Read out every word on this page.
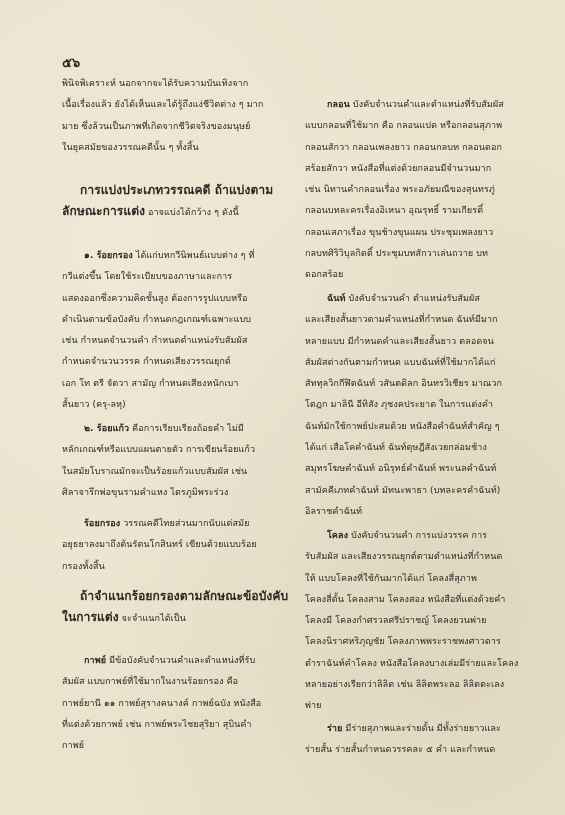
๕๖
พินิจพิเคราะห์ นอกจากจะได้รับความบันเทิงจาก
เนื้อเรื่องแล้ว ยังได้เห็นและได้รู้ถึงแง่ชีวิตต่าง ๆ มาก
มาย ซึ่งล้วนเป็นภาพที่เกิดจากชีวิตจริงของมนุษย์
ในยุคสมัยของวรรณคดีนั้น ๆ ทั้งสิ้น
การแบ่งประเภทวรรณคดี ถ้าแบ่งตาม
ลักษณะการแต่ง อาจแบ่งได้กว้าง ๆ ดังนี้
๑. ร้อยกรอง ได้แก่บทกวีนิพนธ์แบบต่าง ๆ ที่
กวีแต่งขึ้น โดยใช้ระเบียบของภาษาและการ
แสดงออกซึ่งความคิดชั้นสูง ต้องการรูปแบบหรือ
ดำเนินตามข้อบังคับ กำหนดกฎเกณฑ์เฉพาะแบบ
เช่น กำหนดจำนวนคำ กำหนดตำแหน่งรับสัมผัส
กำหนดจำนวนวรรค กำหนดเสียงวรรณยุกต์
เอก โท ตรี จัตวา สามัญ กำหนดเสียงหนักเบา
สั้นยาว (ครุ-ลหุ)
๒. ร้อยแก้ว คือการเรียบเรียงถ้อยคำ ไม่มี
หลักเกณฑ์หรือแบบแผนตายตัว การเขียนร้อยแก้ว
ในสมัยโบราณมักจะเป็นร้อยแก้วแบบสัมผัส เช่น
ศิลาจารึกพ่อขุนรามคำแหง ไตรภูมิพระร่วง
ร้อยกรอง วรรณคดีไทยส่วนมากนับแต่สมัย
อยุธยาลงมาถึงต้นรัตนโกสินทร์ เขียนด้วยแบบร้อย
กรองทั้งสิ้น
ถ้าจำแนกร้อยกรองตามลักษณะข้อบังคับ
ในการแต่ง จะจำแนกได้เป็น
กาพย์ มีข้อบังคับจำนวนคำและตำแหน่งที่รับ
สัมผัส แบบกาพย์ที่ใช้มากในงานร้อยกรอง คือ
กาพย์ยานี ๑๑ กาพย์สุรางคนางค์ กาพย์ฉบัง หนังสือ
ที่แต่งด้วยกาพย์ เช่น กาพย์พระไชยสุริยา สุบินคำ
กาพย์
กลอน บังคับจำนวนคำและตำแหน่งที่รับสัมผัส
แบบกลอนที่ใช้มาก คือ กลอนแปด หรือกลอนสุภาพ
กลอนสักวา กลอนเพลงยาว กลอนกลบท กลอนดอก
สร้อยสักวา หนังสือที่แต่งด้วยกลอนมีจำนวนมาก
เช่น นิทานคำกลอนเรื่อง พระอภัยมณีของสุนทรภู่
กลอนบทละครเรื่องอิเหนา อุณรุทธิ์ รามเกียรติ์
กลอนเสภาเรื่อง ขุนช้างขุนแผน ประชุมเพลงยาว
กลบทศิริวิบุลกิตติ์ ประชุมบทสักวาเล่นถวาย บท
ดอกสร้อย
ฉันท์ บังคับจำนวนคำ ตำแหน่งรับสัมผัส
และเสียงสั้นยาวตามคำแหน่งที่กำหนด ฉันท์มีมาก
หลายแบบ มีกำหนดคำและเสียงสั้นยาว ตลอดจน
สัมผัสต่างกันตามกำหนด แบบฉันท์ที่ใช้มากได้แก่
สัททุลวิกกีฬิตฉันท์ วสันตดิลก อินทรวิเชียร มาณวก
โตฎก มาลินี อีทิสัง ภุชงคประยาต ในการแต่งคำ
ฉันท์มักใช้กาพย์ปะสมด้วย หนังสือคำฉันท์สำคัญ ๆ
ได้แก่ เสือโคคำฉันท์ ฉันท์ดุษฎีสังเวยกล่อมช้าง
สมุทรโฆษคำฉันท์ อนิรุทธ์คำฉันท์ พระนลคำฉันท์
สามัคคีเภทคำฉันท์ มัทนะพาธา (บทละครคำฉันท์)
อิลราชคำฉันท์
โคลง บังคับจำนวนคำ การแบ่งวรรค การ
รับสัมผัส และเสียงวรรณยุกต์ตามตำแหน่งที่กำหนด
ให้ แบบโคลงที่ใช้กันมากได้แก่ โคลงสี่สุภาพ
โคลงสี่ดั้น โคลงสาม โคลงสอง หนังสือที่แต่งด้วยคำ
โคลงมี โคลงกำศรวลศรีปราชญ์ โคลงยวนพ่าย
โคลงนิราศหริภุญชัย โคลงภาพพระราชพงศาวดาร
ตำราฉันท์คำโคลง หนังสือโคลงบางเล่มมีร่ายและโคลง
หลายอย่างเรียกว่าลิลิต เช่น ลิลิตพระลอ ลิลิตตะเลง
พ่าย
ร่าย มีร่ายสุภาพและร่ายดั้น มีทั้งร่ายยาวและ
ร่ายสั้น ร่ายสั้นกำหนดวรรคละ ๕ คำ และกำหนด
